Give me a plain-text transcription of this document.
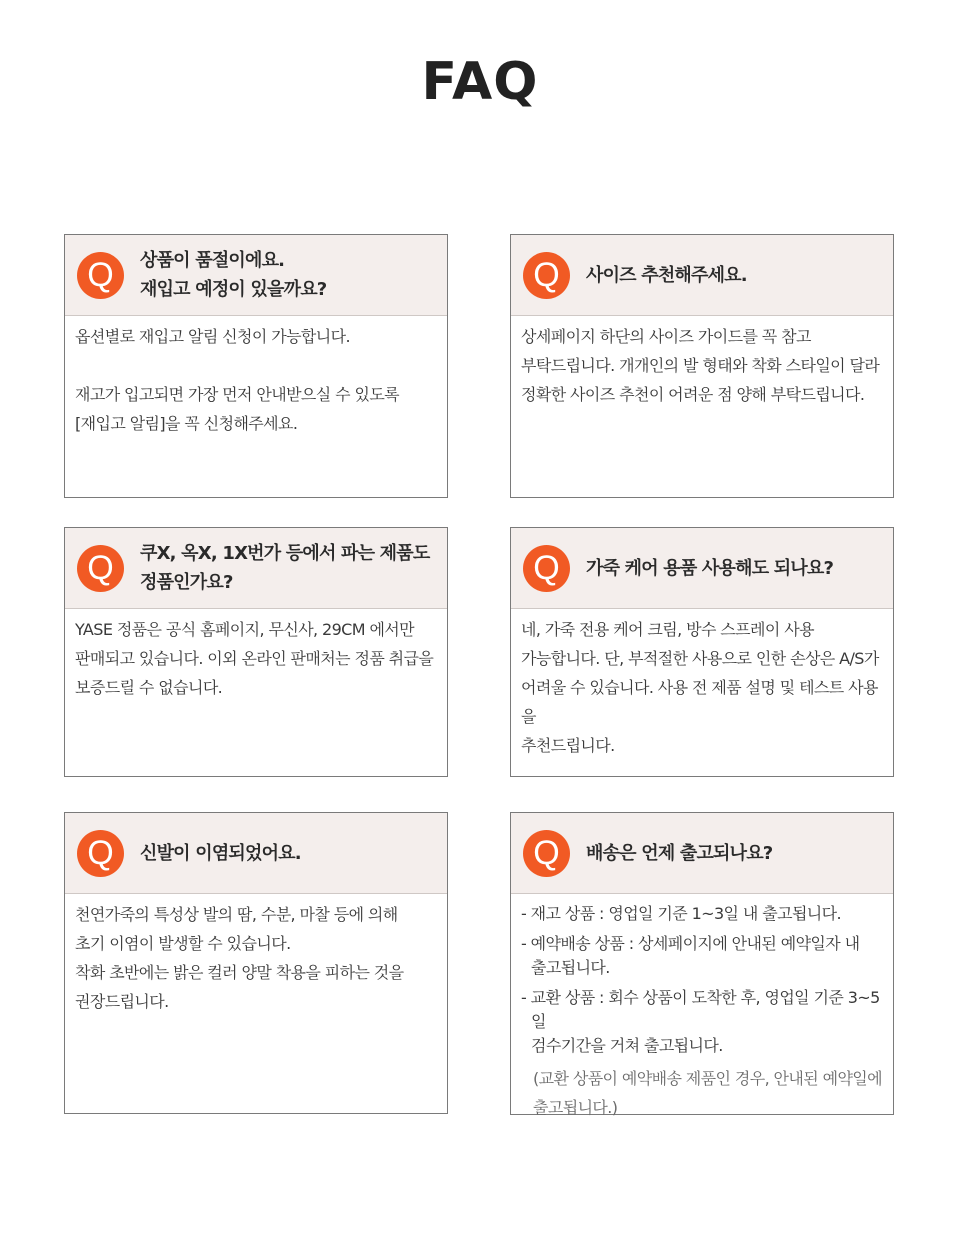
FAQ
Q	상품이 품절이에요.
재입고 예정이 있을까요?

옵션별로 재입고 알림 신청이 가능합니다.

재고가 입고되면 가장 먼저 안내받으실 수 있도록
[재입고 알림]을 꼭 신청해주세요.

Q	사이즈 추천해주세요.

상세페이지 하단의 사이즈 가이드를 꼭 참고
부탁드립니다. 개개인의 발 형태와 착화 스타일이 달라
정확한 사이즈 추천이 어려운 점 양해 부탁드립니다.

Q	쿠X, 옥X, 1X번가 등에서 파는 제품도
정품인가요?

YASE 정품은 공식 홈페이지, 무신사, 29CM 에서만
판매되고 있습니다. 이외 온라인 판매처는 정품 취급을
보증드릴 수 없습니다.

Q	가죽 케어 용품 사용해도 되나요?

네, 가죽 전용 케어 크림, 방수 스프레이 사용
가능합니다. 단, 부적절한 사용으로 인한 손상은 A/S가
어려울 수 있습니다. 사용 전 제품 설명 및 테스트 사용을
추천드립니다.

Q	신발이 이염되었어요.

천연가죽의 특성상 발의 땀, 수분, 마찰 등에 의해
초기 이염이 발생할 수 있습니다.
착화 초반에는 밝은 컬러 양말 착용을 피하는 것을
권장드립니다.

Q	배송은 언제 출고되나요?
- 재고 상품 : 영업일 기준 1~3일 내 출고됩니다.
- 예약배송 상품 : 상세페이지에 안내된 예약일자 내
출고됩니다.
- 교환 상품 : 회수 상품이 도착한 후, 영업일 기준 3~5일
검수기간을 거쳐 출고됩니다.
(교환 상품이 예약배송 제품인 경우, 안내된 예약일에
출고됩니다.)
